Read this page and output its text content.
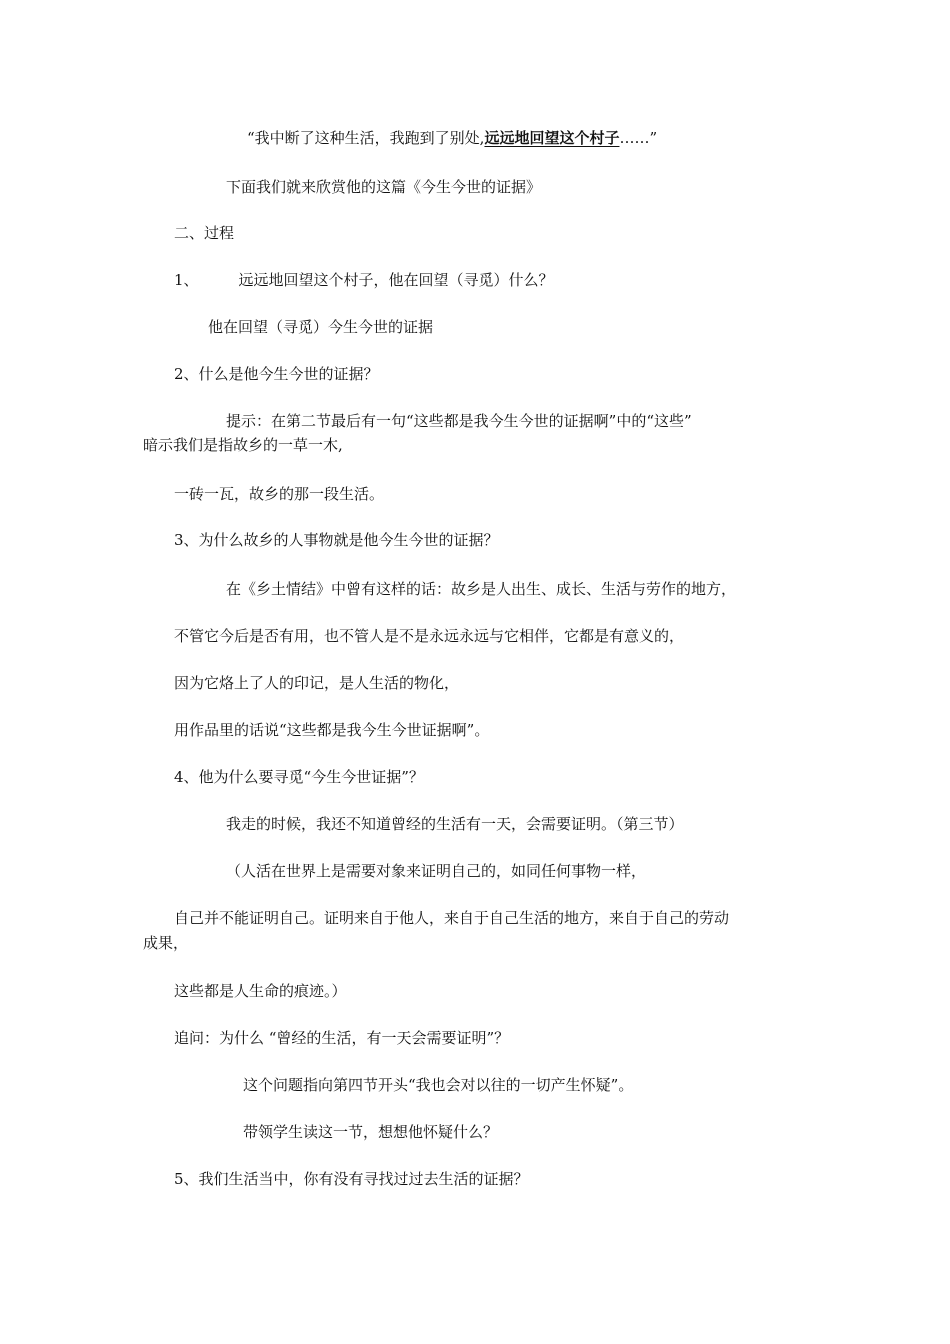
“我中断了这种生活，我跑到了别处,远远地回望这个村子……”
下面我们就来欣赏他的这篇《今生今世的证据》
二、过程
1、	远远地回望这个村子，他在回望（寻觅）什么？
他在回望（寻觅）今生今世的证据
2、什么是他今生今世的证据？
提示：在第二节最后有一句“这些都是我今生今世的证据啊”中的“这些”
暗示我们是指故乡的一草一木,
一砖一瓦，故乡的那一段生活。
3、为什么故乡的人事物就是他今生今世的证据？
在《乡土情结》中曾有这样的话：故乡是人出生、成长、生活与劳作的地方，
不管它今后是否有用，也不管人是不是永远永远与它相伴，它都是有意义的，
因为它烙上了人的印记，是人生活的物化，
用作品里的话说“这些都是我今生今世证据啊”。
4、他为什么要寻觅“今生今世证据”？
我走的时候，我还不知道曾经的生活有一天，会需要证明。（第三节）
（人活在世界上是需要对象来证明自己的，如同任何事物一样，
自己并不能证明自己。证明来自于他人，来自于自己生活的地方，来自于自己的劳动
成果，
这些都是人生命的痕迹。）
追问：为什么 “曾经的生活，有一天会需要证明”？
这个问题指向第四节开头“我也会对以往的一切产生怀疑”。
带领学生读这一节，想想他怀疑什么？
5、我们生活当中，你有没有寻找过过去生活的证据？
